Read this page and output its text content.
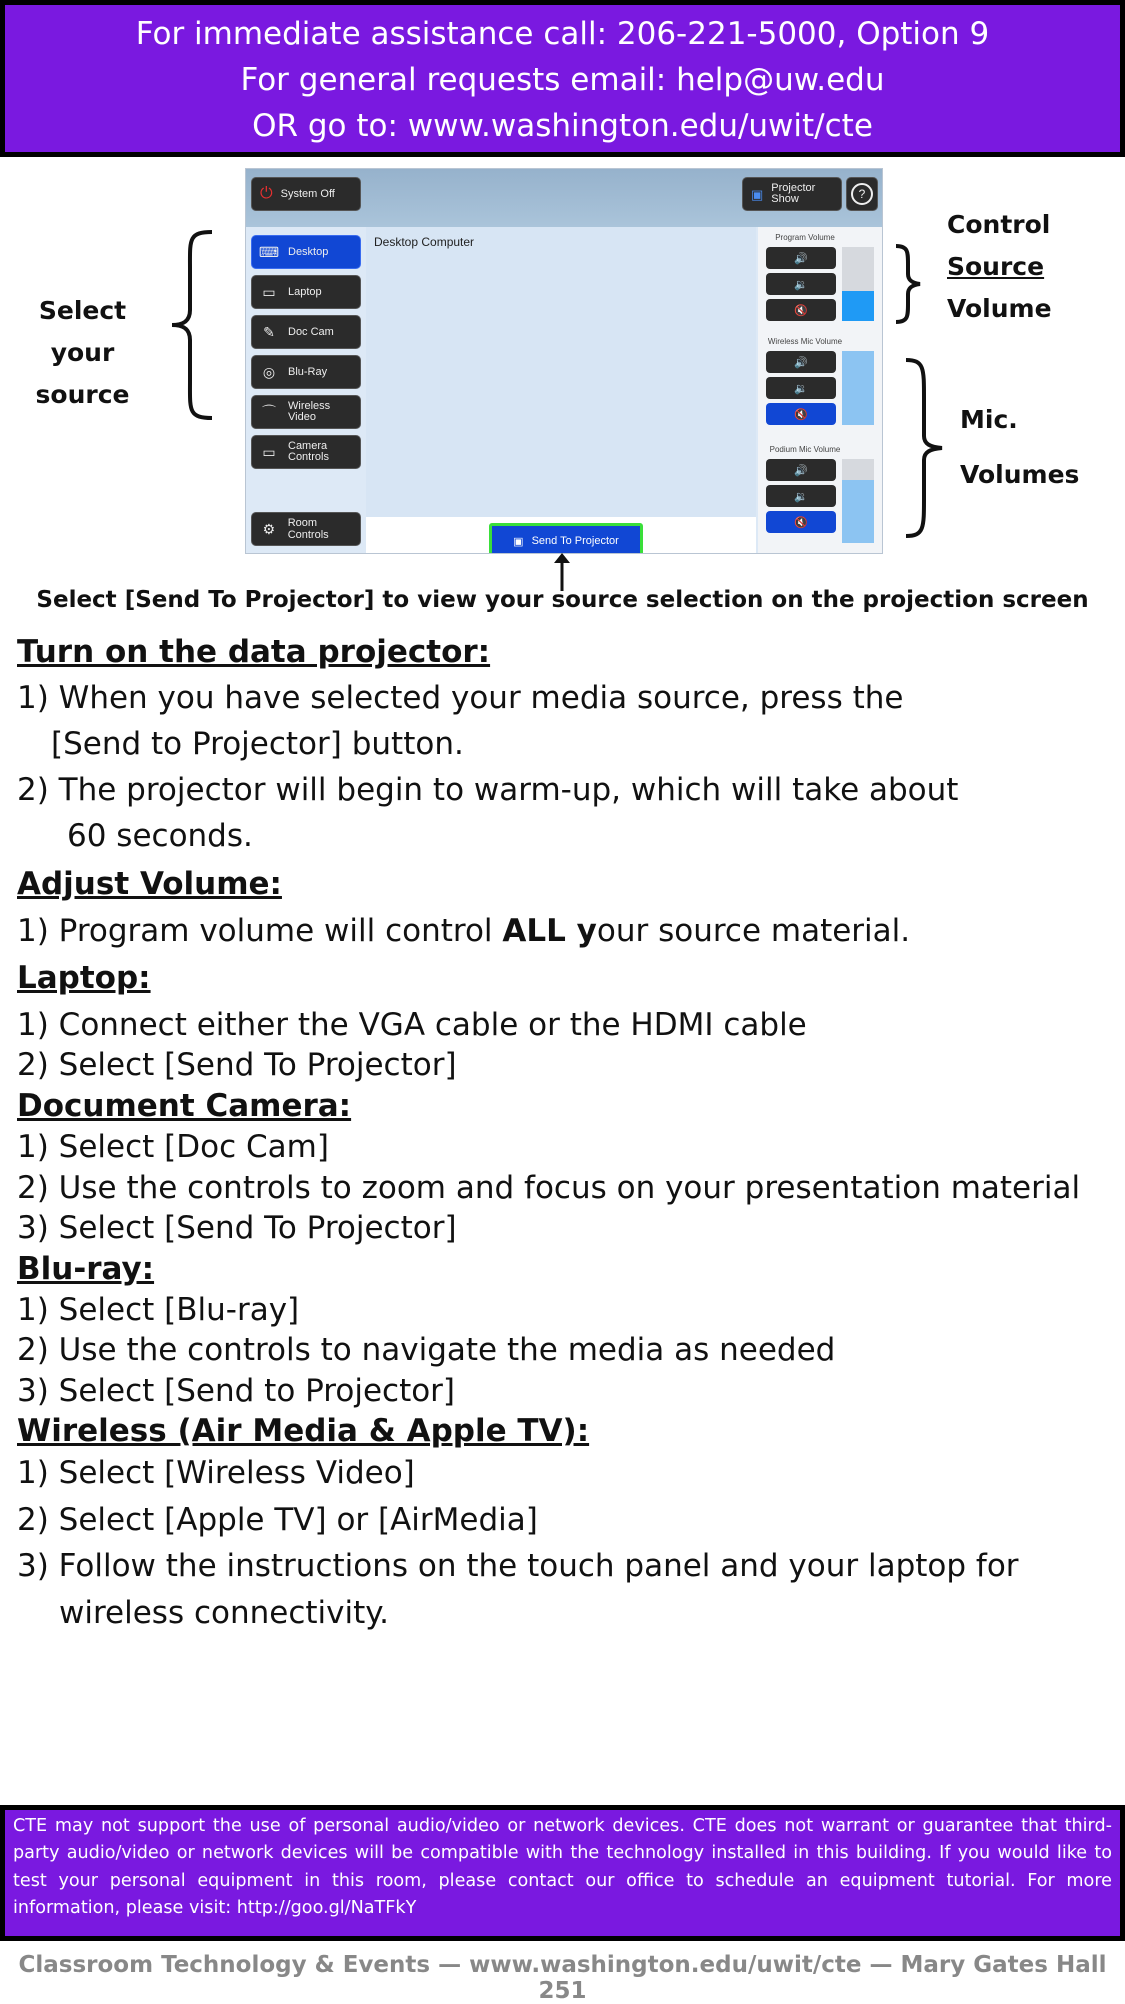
For immediate assistance call: 206-221-5000, Option 9
For general requests email: help@uw.edu
OR go to: www.washington.edu/uwit/cte
Select your
source
Control
Source
Volume
Mic.
Volumes
⏻ System Off	▣ Projector Show	?
⌨ Desktop
▭	Laptop
✎	Doc Cam
◎	Blu-Ray
⌒	Wireless Video
▭	Camera Controls
⚙	Room Controls
Desktop Computer
▣ Send To Projector
Program Volume
🔊
🔉
🔇
Wireless Mic Volume
🔊
🔉
🔇
Podium Mic Volume
🔊
🔉
🔇
Select [Send To Projector] to view your source selection on the projection screen
Turn on the data projector:
1) When you have selected your media source, press the
[Send to Projector] button.
2) The projector will begin to warm-up, which will take about
60 seconds.
Adjust Volume:
1) Program volume will control ALL your source material.
Laptop:
1) Connect either the VGA cable or the HDMI cable
2) Select [Send To Projector]
Document Camera:
1) Select [Doc Cam]
2) Use the controls to zoom and focus on your presentation material
3) Select [Send To Projector]
Blu-ray:
1) Select [Blu-ray]
2) Use the controls to navigate the media as needed
3) Select [Send to Projector]
Wireless (Air Media & Apple TV):
1) Select [Wireless Video]
2) Select [Apple TV] or [AirMedia]
3) Follow the instructions on the touch panel and your laptop for
wireless connectivity.
CTE may not support the use of personal audio/video or network devices. CTE does not warrant or guarantee that third-party audio/video or network devices will be compatible with the technology installed in this building. If you would like to test your personal equipment in this room, please contact our office to schedule an equipment tutorial. For more information, please visit: http://goo.gl/NaTFkY
Classroom Technology & Events — www.washington.edu/uwit/cte — Mary Gates Hall 251
